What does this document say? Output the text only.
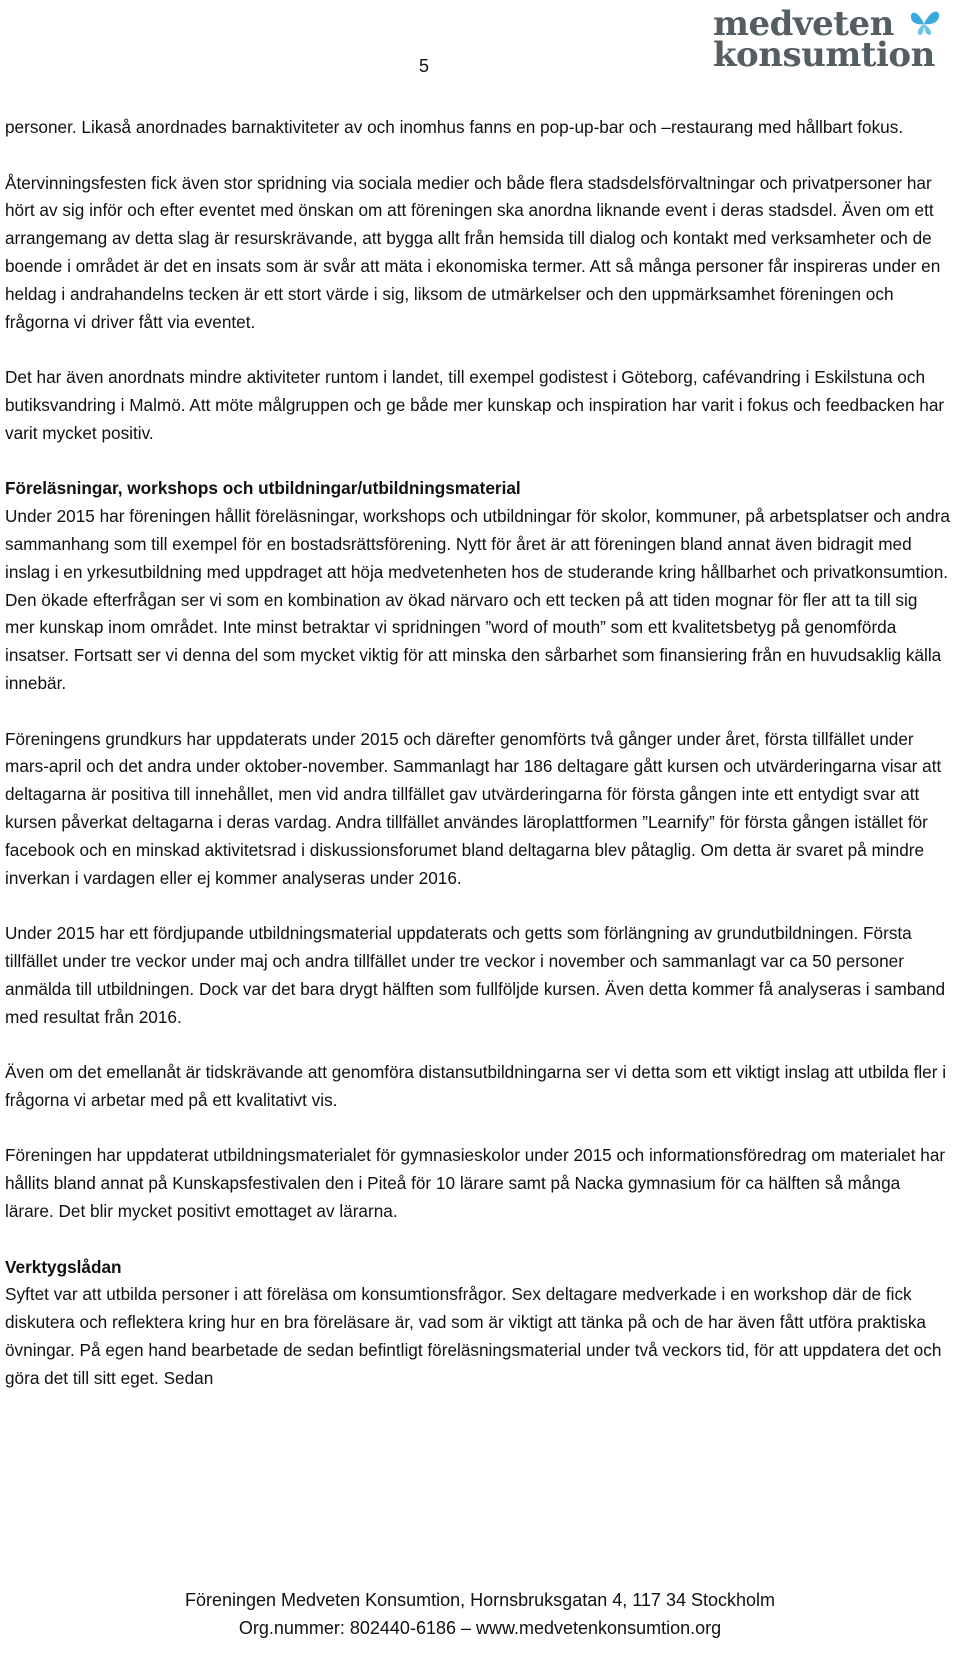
5
medveten
konsumtion

personer. Likaså anordnades barnaktiviteter av och inomhus fanns en pop-up-bar och –restaurang med hållbart fokus.

Återvinningsfesten fick även stor spridning via sociala medier och både flera stadsdelsförvaltningar och privatpersoner har hört av sig inför och efter eventet med önskan om att föreningen ska anordna liknande event i deras stadsdel. Även om ett arrangemang av detta slag är resurskrävande, att bygga allt från hemsida till dialog och kontakt med verksamheter och de boende i området är det en insats som är svår att mäta i ekonomiska termer. Att så många personer får inspireras under en heldag i andrahandelns tecken är ett stort värde i sig, liksom de utmärkelser och den uppmärksamhet föreningen och frågorna vi driver fått via eventet.

Det har även anordnats mindre aktiviteter runtom i landet, till exempel godistest i Göteborg, cafévandring i Eskilstuna och butiksvandring i Malmö. Att möte målgruppen och ge både mer kunskap och inspiration har varit i fokus och feedbacken har varit mycket positiv.

Föreläsningar, workshops och utbildningar/utbildningsmaterial
Under 2015 har föreningen hållit föreläsningar, workshops och utbildningar för skolor, kommuner, på arbetsplatser och andra sammanhang som till exempel för en bostadsrättsförening. Nytt för året är att föreningen bland annat även bidragit med inslag i en yrkesutbildning med uppdraget att höja medvetenheten hos de studerande kring hållbarhet och privatkonsumtion. Den ökade efterfrågan ser vi som en kombination av ökad närvaro och ett tecken på att tiden mognar för fler att ta till sig mer kunskap inom området. Inte minst betraktar vi spridningen ”word of mouth” som ett kvalitetsbetyg på genomförda insatser. Fortsatt ser vi denna del som mycket viktig för att minska den sårbarhet som finansiering från en huvudsaklig källa innebär.

Föreningens grundkurs har uppdaterats under 2015 och därefter genomförts två gånger under året, första tillfället under mars-april och det andra under oktober-november. Sammanlagt har 186 deltagare gått kursen och utvärderingarna visar att deltagarna är positiva till innehållet, men vid andra tillfället gav utvärderingarna för första gången inte ett entydigt svar att kursen påverkat deltagarna i deras vardag. Andra tillfället användes läroplattformen ”Learnify” för första gången istället för facebook och en minskad aktivitetsrad i diskussionsforumet bland deltagarna blev påtaglig. Om detta är svaret på mindre inverkan i vardagen eller ej kommer analyseras under 2016.

Under 2015 har ett fördjupande utbildningsmaterial uppdaterats och getts som förlängning av grundutbildningen. Första tillfället under tre veckor under maj och andra tillfället under tre veckor i november och sammanlagt var ca 50 personer anmälda till utbildningen. Dock var det bara drygt hälften som fullföljde kursen. Även detta kommer få analyseras i samband med resultat från 2016.

Även om det emellanåt är tidskrävande att genomföra distansutbildningarna ser vi detta som ett viktigt inslag att utbilda fler i frågorna vi arbetar med på ett kvalitativt vis.

Föreningen har uppdaterat utbildningsmaterialet för gymnasieskolor under 2015 och informationsföredrag om materialet har hållits bland annat på Kunskapsfestivalen den i Piteå för 10 lärare samt på Nacka gymnasium för ca hälften så många lärare. Det blir mycket positivt emottaget av lärarna.

Verktygslådan
Syftet var att utbilda personer i att föreläsa om konsumtionsfrågor. Sex deltagare medverkade i en workshop där de fick diskutera och reflektera kring hur en bra föreläsare är, vad som är viktigt att tänka på och de har även fått utföra praktiska övningar. På egen hand bearbetade de sedan befintligt föreläsningsmaterial under två veckors tid, för att uppdatera det och göra det till sitt eget. Sedan

Föreningen Medveten Konsumtion, Hornsbruksgatan 4, 117 34 Stockholm
Org.nummer: 802440-6186 – www.medvetenkonsumtion.org
